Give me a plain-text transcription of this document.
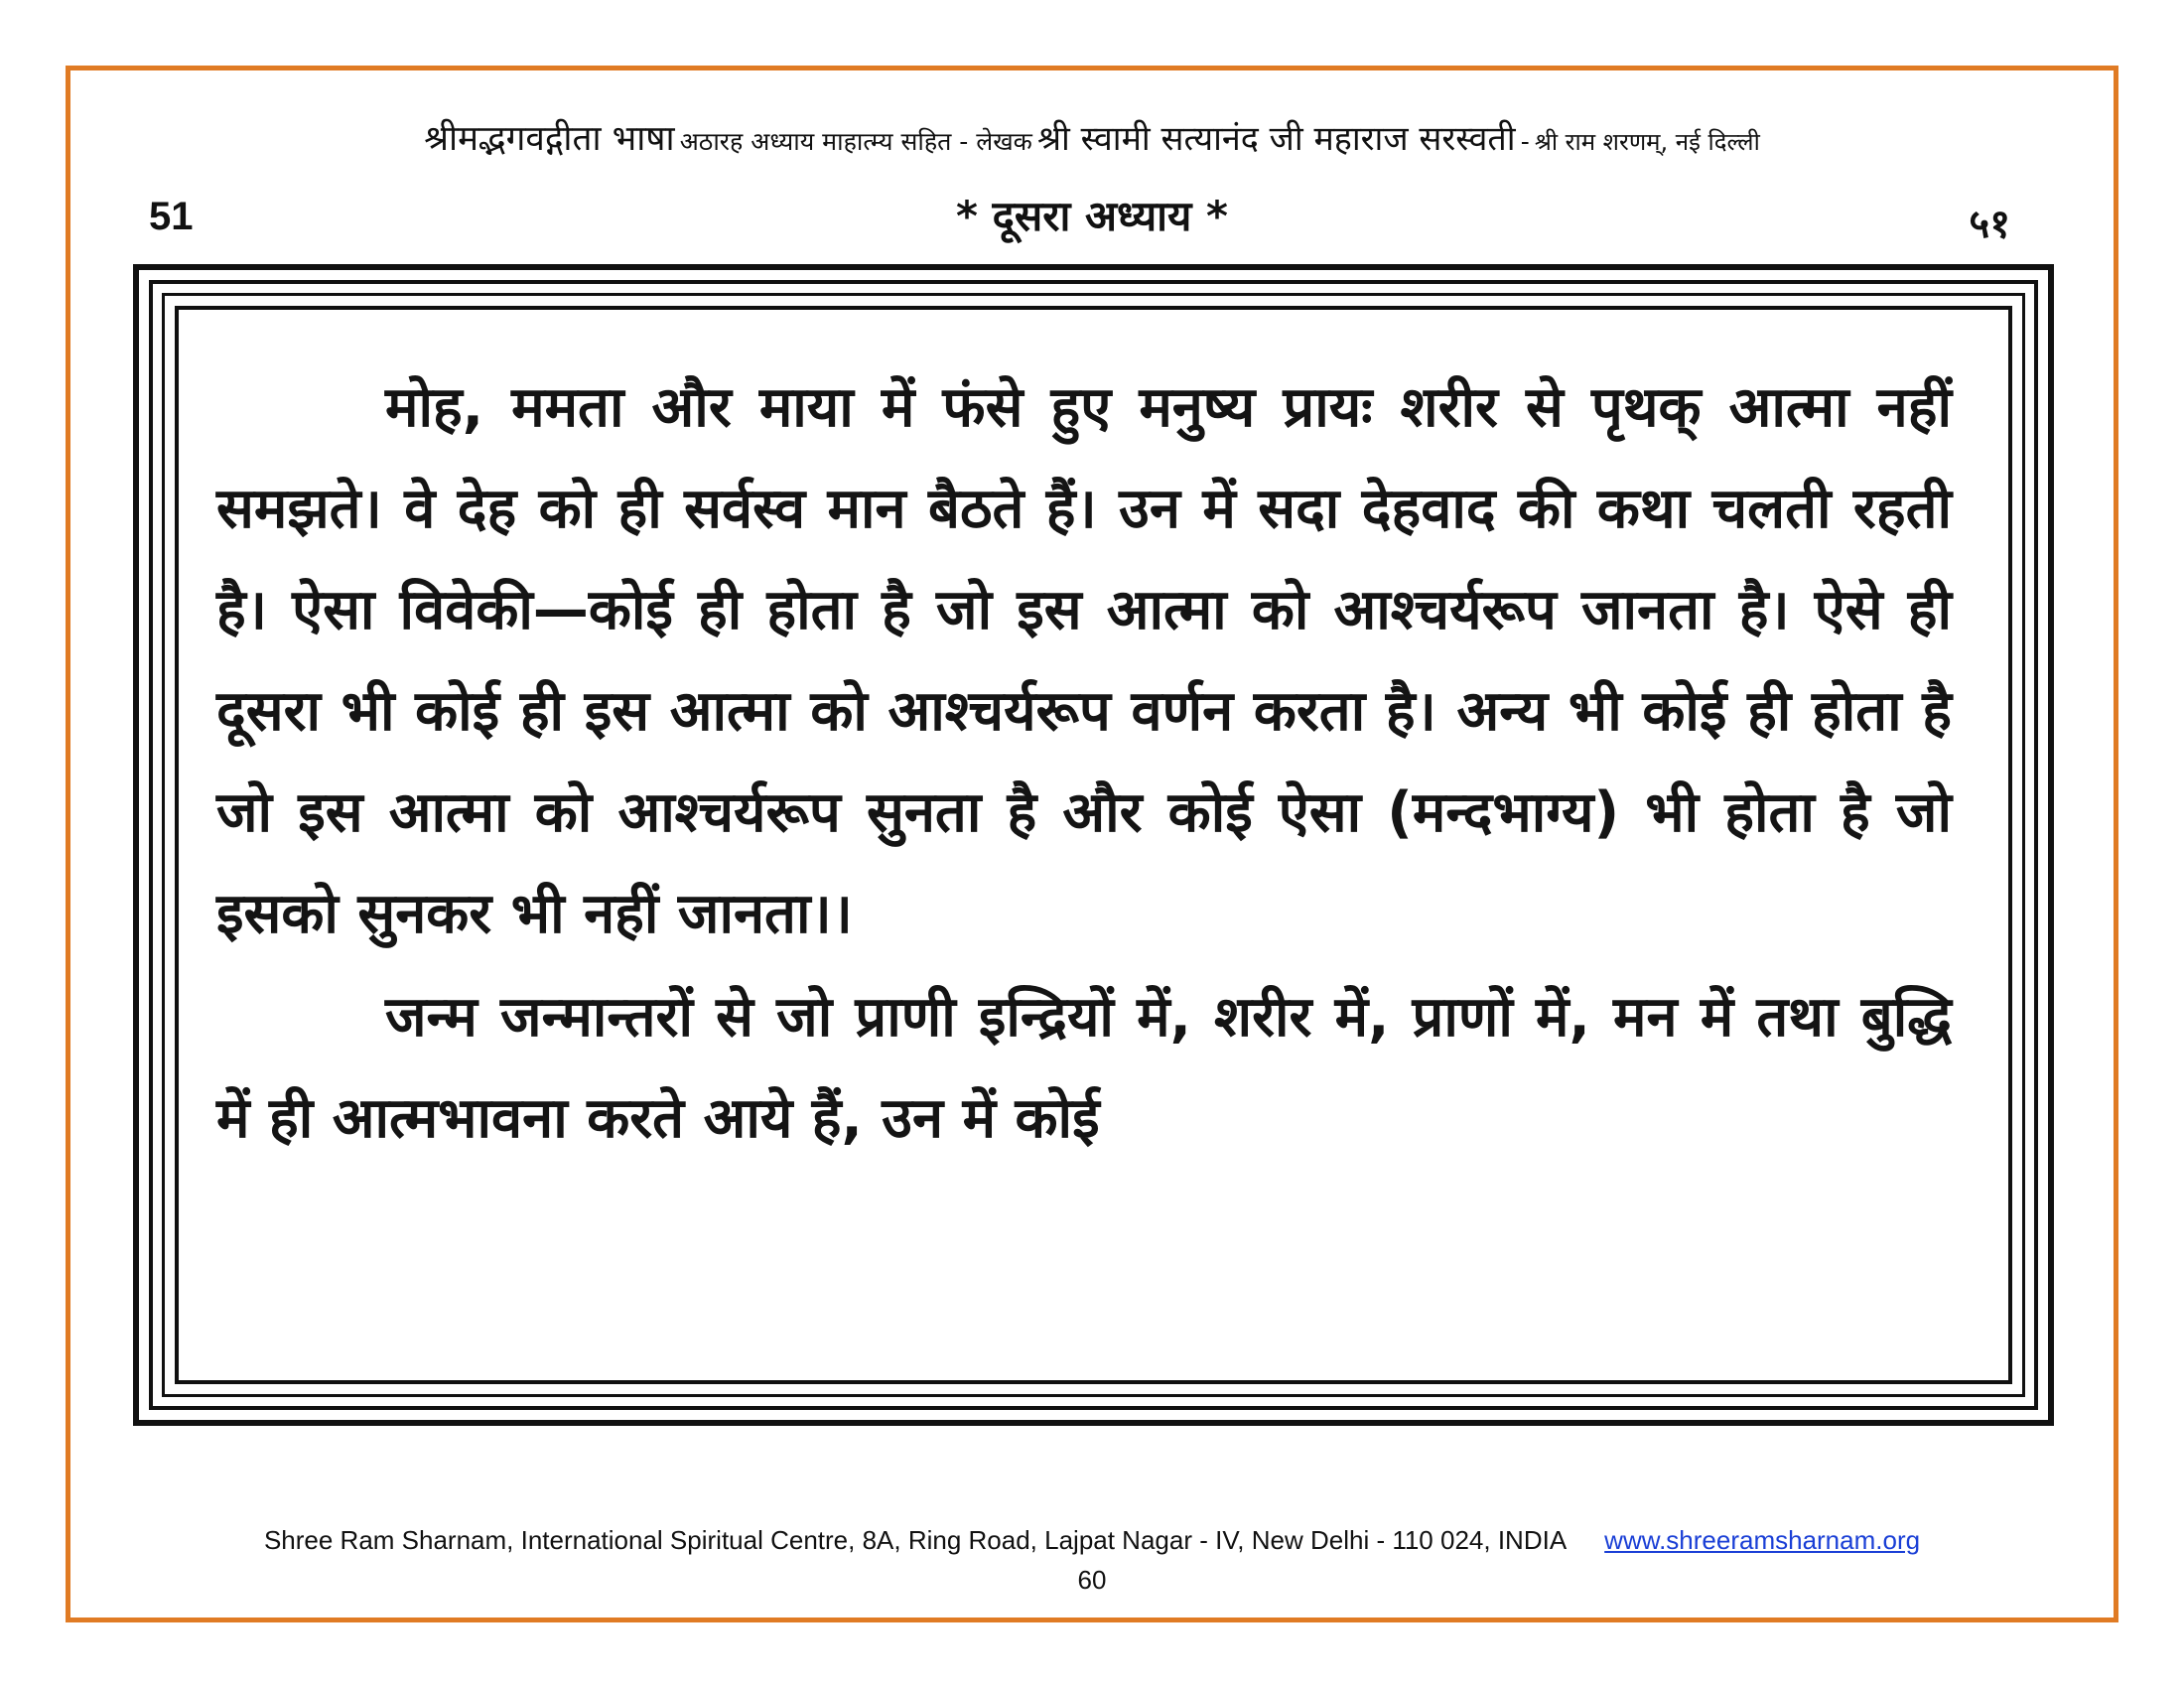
श्रीमद्भगवद्गीता भाषा अठारह अध्याय माहात्म्य सहित - लेखक श्री स्वामी सत्यानंद जी महाराज सरस्वती - श्री राम शरणम्, नई दिल्ली
51	* दूसरा अध्याय *	५१

मोह, ममता और माया में फंसे हुए मनुष्य प्रायः शरीर से पृथक् आत्मा नहीं समझते। वे देह को ही सर्वस्व मान बैठते हैं। उन में सदा देहवाद की कथा चलती रहती है। ऐसा विवेकी—कोई ही होता है जो इस आत्मा को आश्चर्यरूप जानता है। ऐसे ही दूसरा भी कोई ही इस आत्मा को आश्चर्यरूप वर्णन करता है। अन्य भी कोई ही होता है जो इस आत्मा को आश्चर्यरूप सुनता है और कोई ऐसा (मन्दभाग्य) भी होता है जो इसको सुनकर भी नहीं जानता।।

जन्म जन्मान्तरों से जो प्राणी इन्द्रियों में, शरीर में, प्राणों में, मन में तथा बुद्धि में ही आत्मभावना करते आये हैं, उन में कोई

Shree Ram Sharnam, International Spiritual Centre, 8A, Ring Road, Lajpat Nagar - IV, New Delhi - 110 024, INDIA www.shreeramsharnam.org
60
